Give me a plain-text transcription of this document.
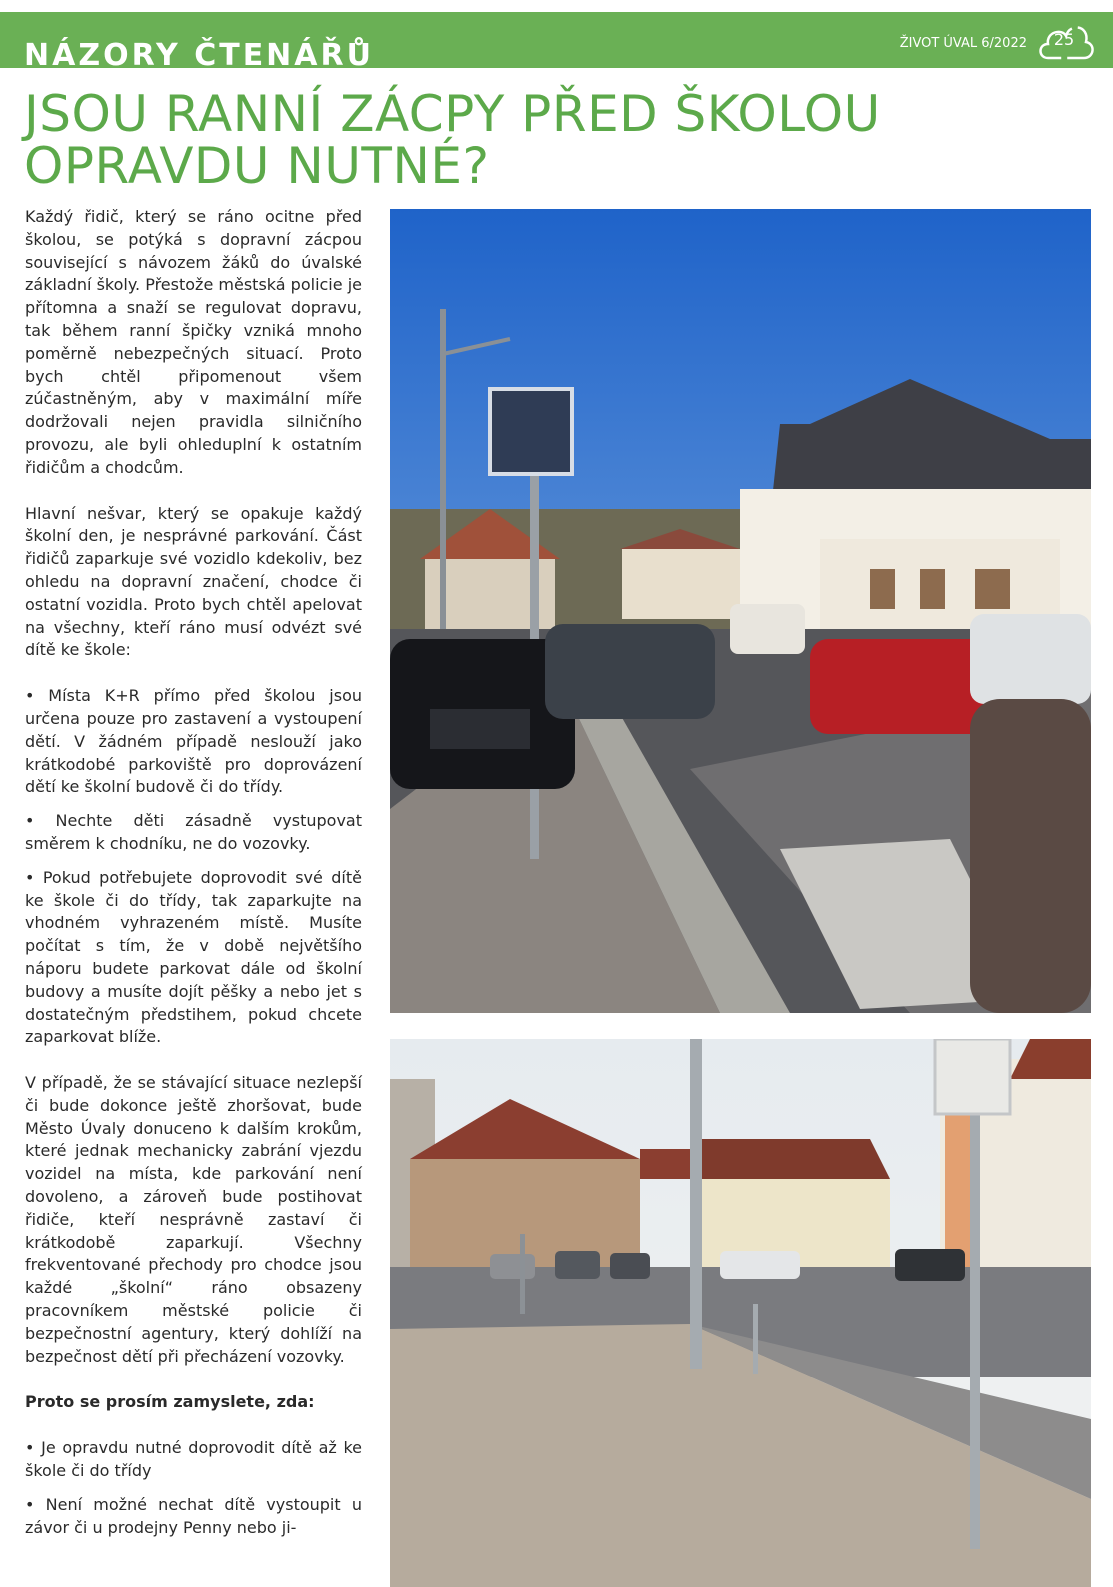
NÁZORY ČTENÁŘŮ	ŽIVOT ÚVAL 6/2022	25
JSOU RANNÍ ZÁCPY PŘED ŠKOLOU OPRAVDU NUTNÉ?

Každý řidič, který se ráno ocitne před školou, se potýká s dopravní zácpou související s návozem žáků do úvalské základní školy. Přestože městská policie je přítomna a snaží se regulovat dopravu, tak během ranní špičky vzniká mnoho poměrně nebezpečných situací. Proto bych chtěl připomenout všem zúčastněným, aby v maximální míře dodržovali nejen pravidla silničního provozu, ale byli ohleduplní k ostatním řidičům a chodcům.

Hlavní nešvar, který se opakuje každý školní den, je nesprávné parkování. Část řidičů zaparkuje své vozidlo kdekoliv, bez ohledu na dopravní značení, chodce či ostatní vozidla. Proto bych chtěl apelovat na všechny, kteří ráno musí odvézt své dítě ke škole:

• Místa K+R přímo před školou jsou určena pouze pro zastavení a vystoupení dětí. V žádném případě neslouží jako krátkodobé parkoviště pro doprovázení dětí ke školní budově či do třídy.

• Nechte děti zásadně vystupovat směrem k chodníku, ne do vozovky.

• Pokud potřebujete doprovodit své dítě ke škole či do třídy, tak zaparkujte na vhodném vyhrazeném místě. Musíte počítat s tím, že v době největšího náporu budete parkovat dále od školní budovy a musíte dojít pěšky a nebo jet s dostatečným předstihem, pokud chcete zaparkovat blíže.

V případě, že se stávající situace nezlepší či bude dokonce ještě zhoršovat, bude Město Úvaly donuceno k dalším krokům, které jednak mechanicky zabrání vjezdu vozidel na místa, kde parkování není dovoleno, a zároveň bude postihovat řidiče, kteří nesprávně zastaví či krátkodobě zaparkují. Všechny frekventované přechody pro chodce jsou každé „školní“ ráno obsazeny pracovníkem městské policie či bezpečnostní agentury, který dohlíží na bezpečnost dětí při přecházení vozovky.

Proto se prosím zamyslete, zda:

• Je opravdu nutné doprovodit dítě až ke škole či do třídy

• Není možné nechat dítě vystoupit u závor či u prodejny Penny nebo ji-
